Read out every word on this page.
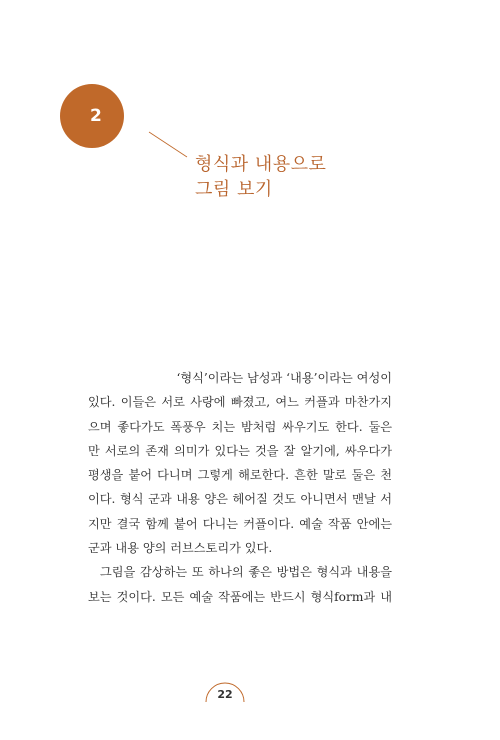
2
형식과 내용으로
그림 보기
‘형식’이라는 남성과 ‘내용’이라는 여성이
있다. 이들은 서로 사랑에 빠졌고, 여느 커플과 마찬가지
으며 좋다가도 폭풍우 치는 밤처럼 싸우기도 한다. 둘은
만 서로의 존재 의미가 있다는 것을 잘 알기에, 싸우다가
평생을 붙어 다니며 그렇게 해로한다. 흔한 말로 둘은 천
이다. 형식 군과 내용 양은 헤어질 것도 아니면서 맨날 서
지만 결국 함께 붙어 다니는 커플이다. 예술 작품 안에는
군과 내용 양의 러브스토리가 있다.
그림을 감상하는 또 하나의 좋은 방법은 형식과 내용을
보는 것이다. 모든 예술 작품에는 반드시 형식form과 내
22
